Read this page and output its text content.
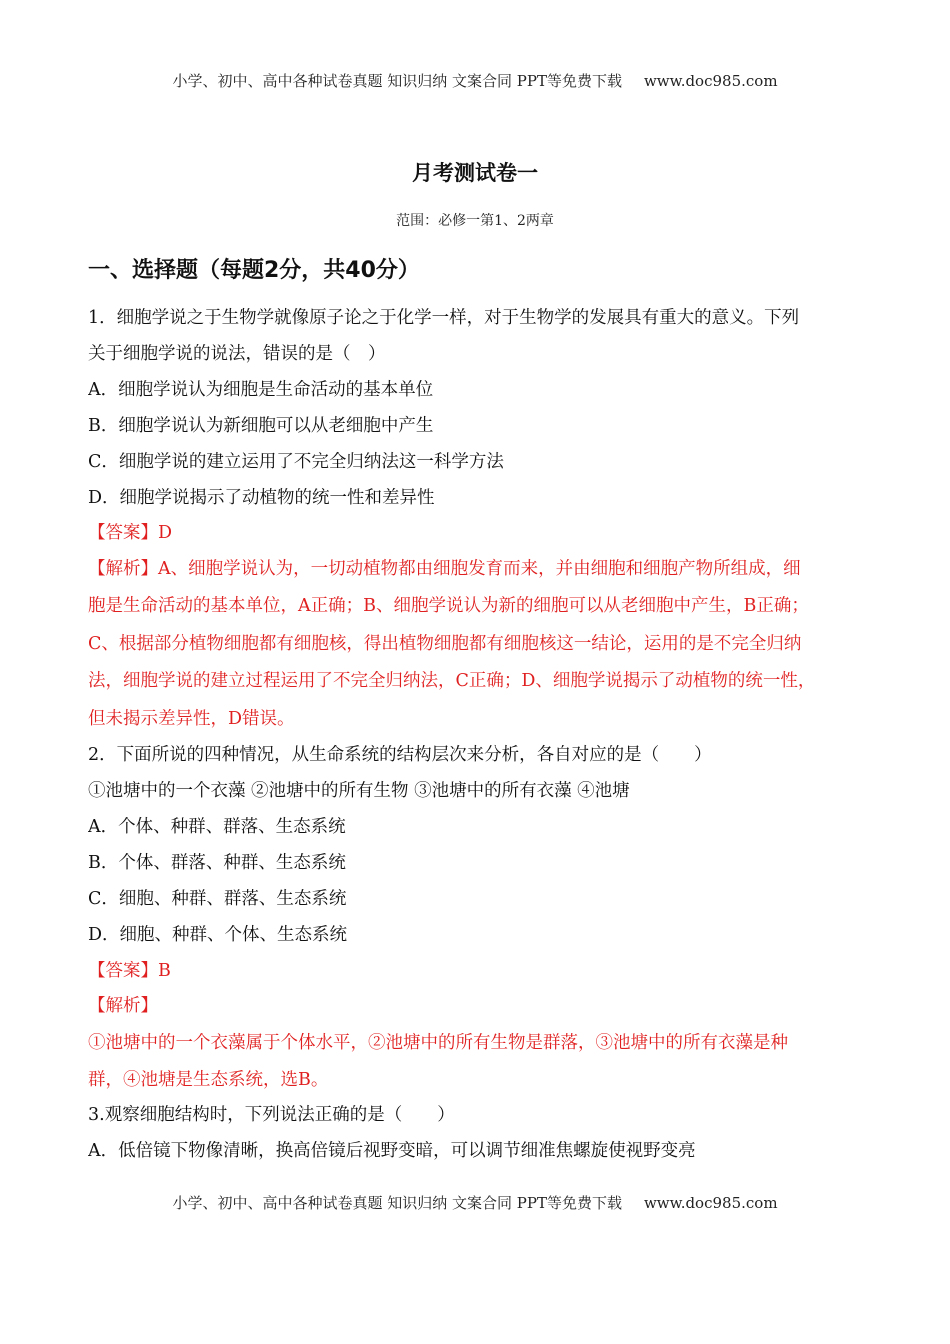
小学、初中、高中各种试卷真题 知识归纳 文案合同 PPT等免费下载 www.doc985.com
月考测试卷一
范围：必修一第1、2两章
一、选择题（每题2分，共40分）
1．细胞学说之于生物学就像原子论之于化学一样，对于生物学的发展具有重大的意义。下列
关于细胞学说的说法，错误的是（　）
A．细胞学说认为细胞是生命活动的基本单位
B．细胞学说认为新细胞可以从老细胞中产生
C．细胞学说的建立运用了不完全归纳法这一科学方法
D．细胞学说揭示了动植物的统一性和差异性
【答案】D
【解析】A、细胞学说认为，一切动植物都由细胞发育而来，并由细胞和细胞产物所组成，细
胞是生命活动的基本单位，A正确；B、细胞学说认为新的细胞可以从老细胞中产生，B正确；
C、根据部分植物细胞都有细胞核，得出植物细胞都有细胞核这一结论，运用的是不完全归纳
法，细胞学说的建立过程运用了不完全归纳法，C正确；D、细胞学说揭示了动植物的统一性，
但未揭示差异性，D错误。
2．下面所说的四种情况，从生命系统的结构层次来分析，各自对应的是（　　）
①池塘中的一个衣藻 ②池塘中的所有生物 ③池塘中的所有衣藻 ④池塘
A．个体、种群、群落、生态系统
B．个体、群落、种群、生态系统
C．细胞、种群、群落、生态系统
D．细胞、种群、个体、生态系统
【答案】B
【解析】
①池塘中的一个衣藻属于个体水平，②池塘中的所有生物是群落，③池塘中的所有衣藻是种
群，④池塘是生态系统，选B。
3.观察细胞结构时，下列说法正确的是（　　）
A．低倍镜下物像清晰，换高倍镜后视野变暗，可以调节细准焦螺旋使视野变亮
小学、初中、高中各种试卷真题 知识归纳 文案合同 PPT等免费下载 www.doc985.com
